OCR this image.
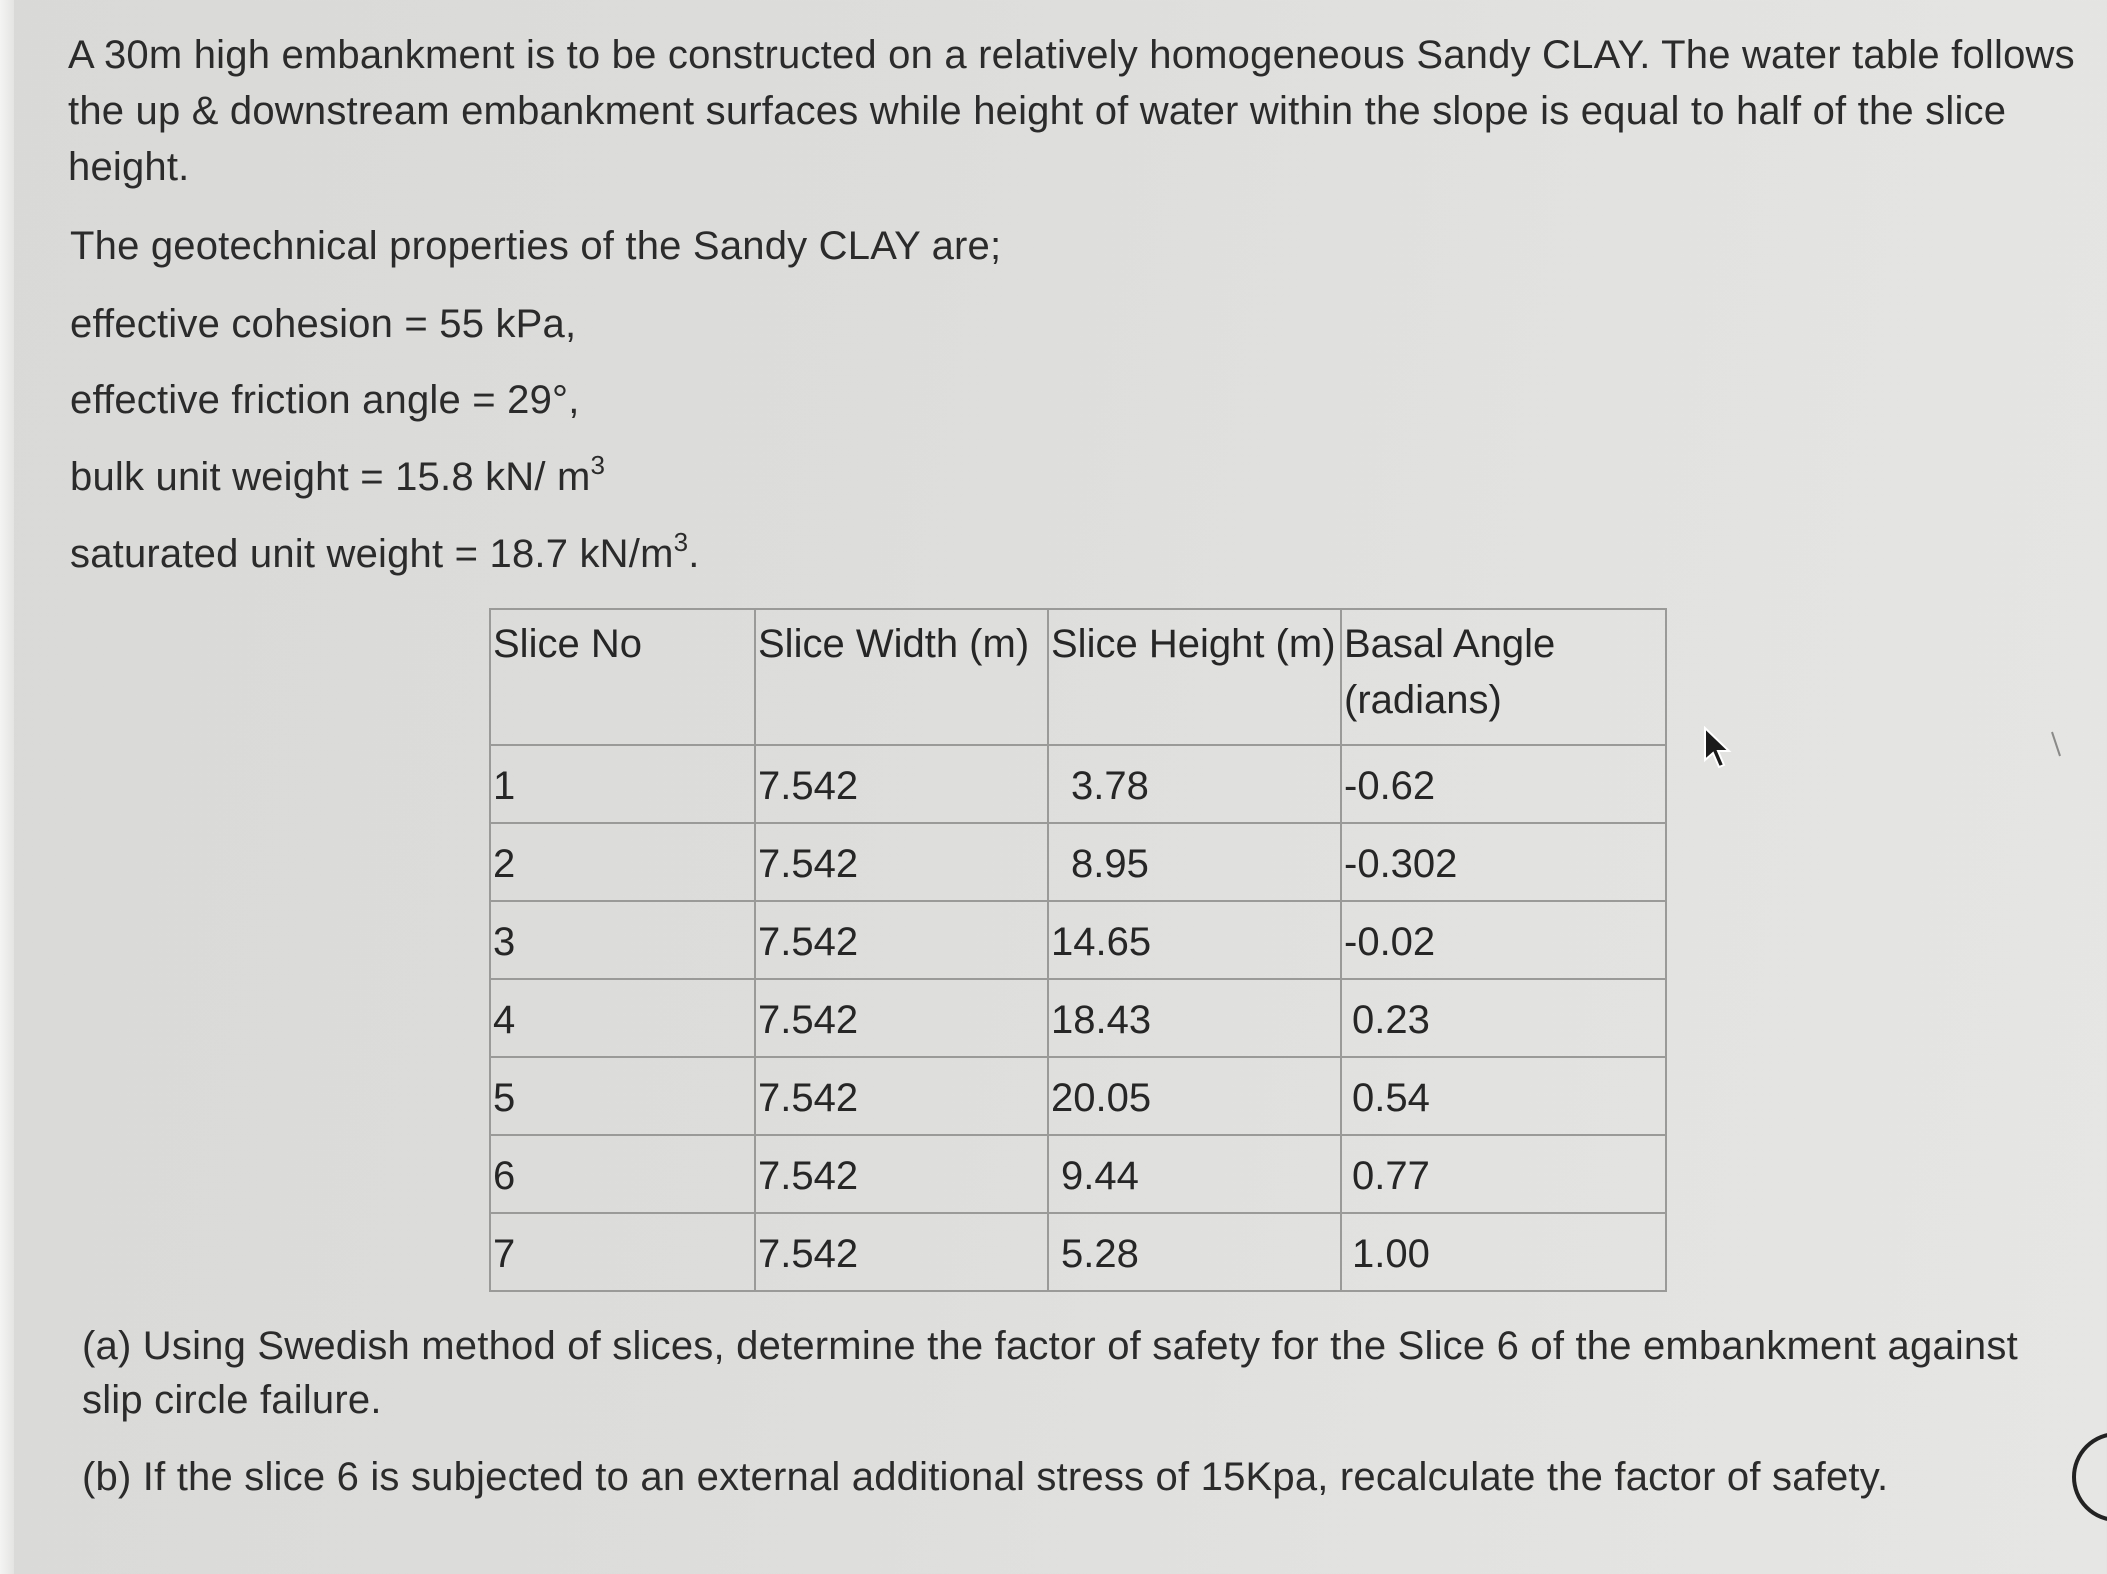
A 30m high embankment is to be constructed on a relatively homogeneous Sandy CLAY. The water table follows
the up & downstream embankment surfaces while height of water within the slope is equal to half of the slice
height.
The geotechnical properties of the Sandy CLAY are;
effective cohesion = 55 kPa,
effective friction angle = 29°,
bulk unit weight = 15.8 kN/ $m^3$
saturated unit weight = 18.7 $kN/m^3$.
Slice No	Slice Width (m)	Slice Height (m)	Basal Angle
(radians)
1	7.542	3.78	-0.62
2	7.542	8.95	-0.302
3	7.542	14.65	-0.02
4	7.542	18.43	0.23
5	7.542	20.05	0.54
6	7.542	9.44	0.77
7	7.542	5.28	1.00
(a) Using Swedish method of slices, determine the factor of safety for the Slice 6 of the embankment against
slip circle failure.
(b) If the slice 6 is subjected to an external additional stress of 15Kpa, recalculate the factor of safety.
